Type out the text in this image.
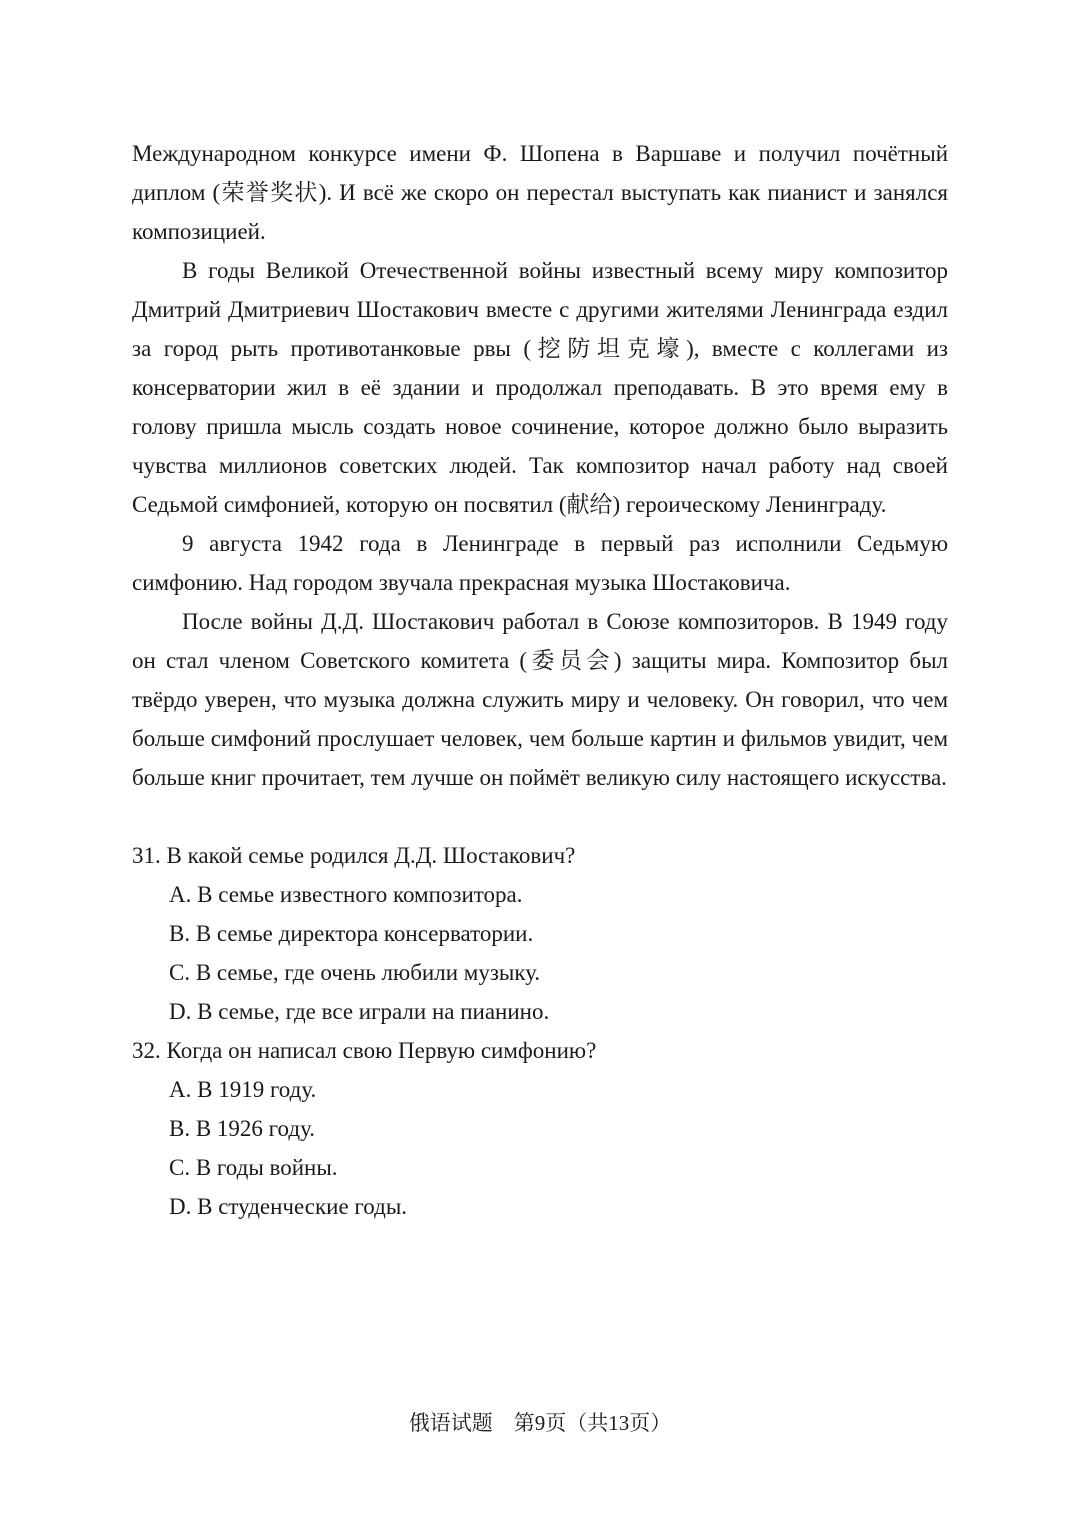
Международном конкурсе имени Ф. Шопена в Варшаве и получил почётный диплом (荣誉奖状). И всё же скоро он перестал выступать как пианист и занялся композицией.

В годы Великой Отечественной войны известный всему миру композитор Дмитрий Дмитриевич Шостакович вместе с другими жителями Ленинграда ездил за город рыть противотанковые рвы (挖防坦克壕), вместе с коллегами из консерватории жил в её здании и продолжал преподавать. В это время ему в голову пришла мысль создать новое сочинение, которое должно было выразить чувства миллионов советских людей. Так композитор начал работу над своей Седьмой симфонией, которую он посвятил (献给) героическому Ленинграду.

9 августа 1942 года в Ленинграде в первый раз исполнили Седьмую симфонию. Над городом звучала прекрасная музыка Шостаковича.

После войны Д.Д. Шостакович работал в Союзе композиторов. В 1949 году он стал членом Советского комитета (委员会) защиты мира. Композитор был твёрдо уверен, что музыка должна служить миру и человеку. Он говорил, что чем больше симфоний прослушает человек, чем больше картин и фильмов увидит, чем больше книг прочитает, тем лучше он поймёт великую силу настоящего искусства.

31. В какой семье родился Д.Д. Шостакович?

A. В семье известного композитора.

B. В семье директора консерватории.

C. В семье, где очень любили музыку.

D. В семье, где все играли на пианино.

32. Когда он написал свою Первую симфонию?

A. В 1919 году.

B. В 1926 году.

C. В годы войны.

D. В студенческие годы.

俄语试题　第9页（共13页）
